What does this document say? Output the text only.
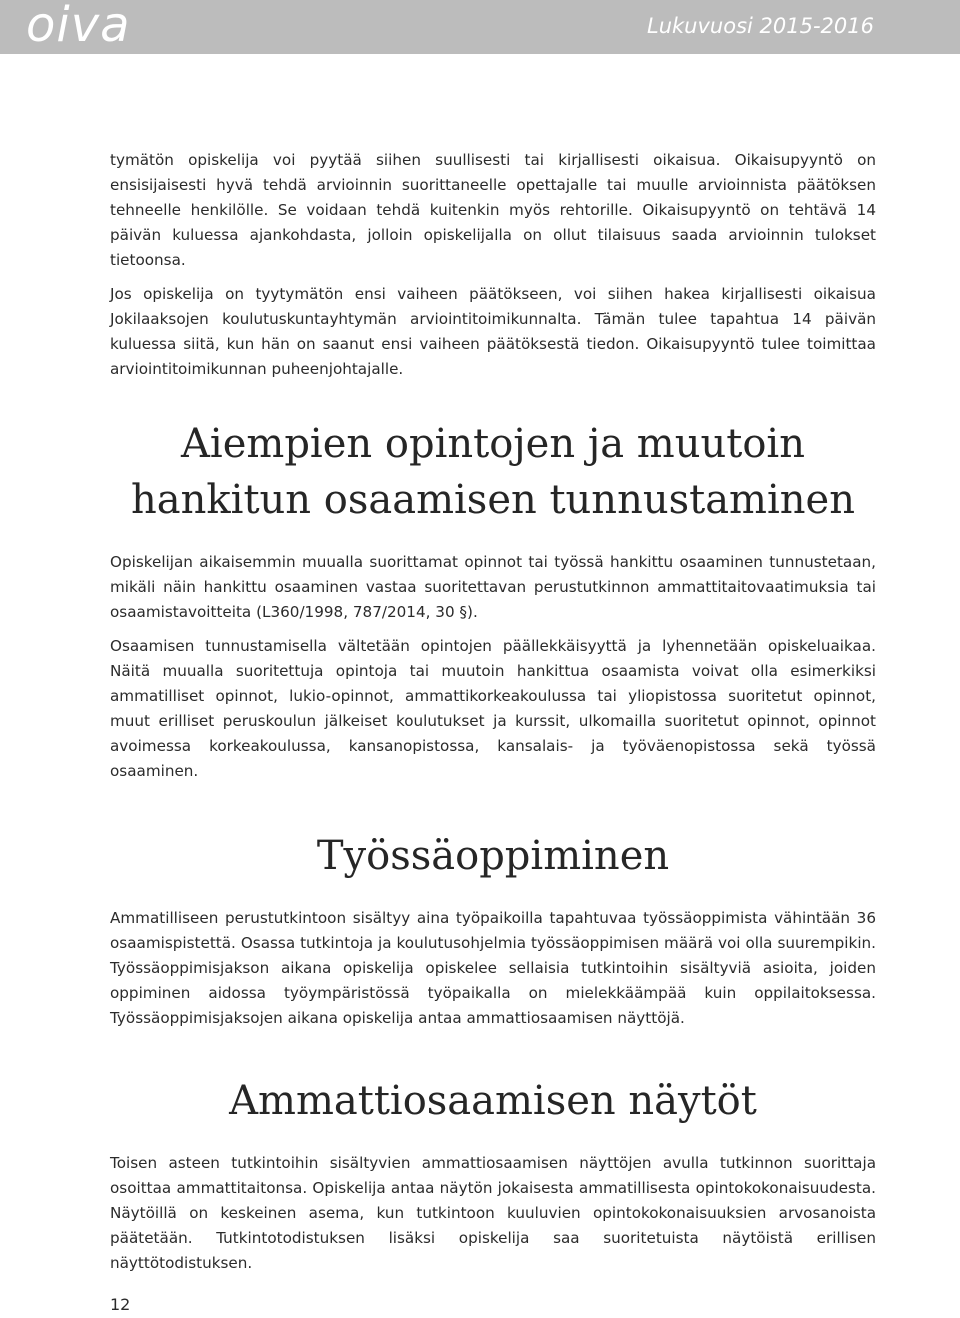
oiva	Lukuvuosi 2015-2016

tymätön opiskelija voi pyytää siihen suullisesti tai kirjallisesti oikaisua. Oikaisupyyntö on ensisijaisesti hyvä tehdä arvioinnin suorittaneelle opettajalle tai muulle arvioinnista päätöksen tehneelle henkilölle. Se voidaan tehdä kuitenkin myös rehtorille. Oikaisupyyntö on tehtävä 14 päivän kuluessa ajankohdasta, jolloin opiskelijalla on ollut tilaisuus saada arvioinnin tulokset tietoonsa.

Jos opiskelija on tyytymätön ensi vaiheen päätökseen, voi siihen hakea kirjallisesti oikaisua Jokilaaksojen koulutuskuntayhtymän arviointitoimikunnalta. Tämän tulee tapahtua 14 päivän kuluessa siitä, kun hän on saanut ensi vaiheen päätöksestä tiedon. Oikaisupyyntö tulee toimittaa arviointitoimikunnan puheenjohtajalle.

Aiempien opintojen ja muutoin
hankitun osaamisen tunnustaminen

Opiskelijan aikaisemmin muualla suorittamat opinnot tai työssä hankittu osaaminen tunnustetaan, mikäli näin hankittu osaaminen vastaa suoritettavan perustutkinnon ammattitaitovaatimuksia tai osaamistavoitteita (L360/1998, 787/2014, 30 §).

Osaamisen tunnustamisella vältetään opintojen päällekkäisyyttä ja lyhennetään opiskeluaikaa. Näitä muualla suoritettuja opintoja tai muutoin hankittua osaamista voivat olla esimerkiksi ammatilliset opinnot, lukio-opinnot, ammattikorkeakoulussa tai yliopistossa suoritetut opinnot, muut erilliset peruskoulun jälkeiset koulutukset ja kurssit, ulkomailla suoritetut opinnot, opinnot avoimessa korkeakoulussa, kansanopistossa, kansalais- ja työväenopistossa sekä työssä osaaminen.

Työssäoppiminen

Ammatilliseen perustutkintoon sisältyy aina työpaikoilla tapahtuvaa työssäoppimista vähintään 36 osaamispistettä. Osassa tutkintoja ja koulutusohjelmia työssäoppimisen määrä voi olla suurempikin. Työssäoppimisjakson aikana opiskelija opiskelee sellaisia tutkintoihin sisältyviä asioita, joiden oppiminen aidossa työympäristössä työpaikalla on mielekkäämpää kuin oppilaitoksessa. Työssäoppimisjaksojen aikana opiskelija antaa ammattiosaamisen näyttöjä.

Ammattiosaamisen näytöt

Toisen asteen tutkintoihin sisältyvien ammattiosaamisen näyttöjen avulla tutkinnon suorittaja osoittaa ammattitaitonsa. Opiskelija antaa näytön jokaisesta ammatillisesta opintokokonaisuudesta. Näytöillä on keskeinen asema, kun tutkintoon kuuluvien opintokokonaisuuksien arvosanoista päätetään. Tutkintotodistuksen lisäksi opiskelija saa suoritetuista näytöistä erillisen näyttötodistuksen.

12
